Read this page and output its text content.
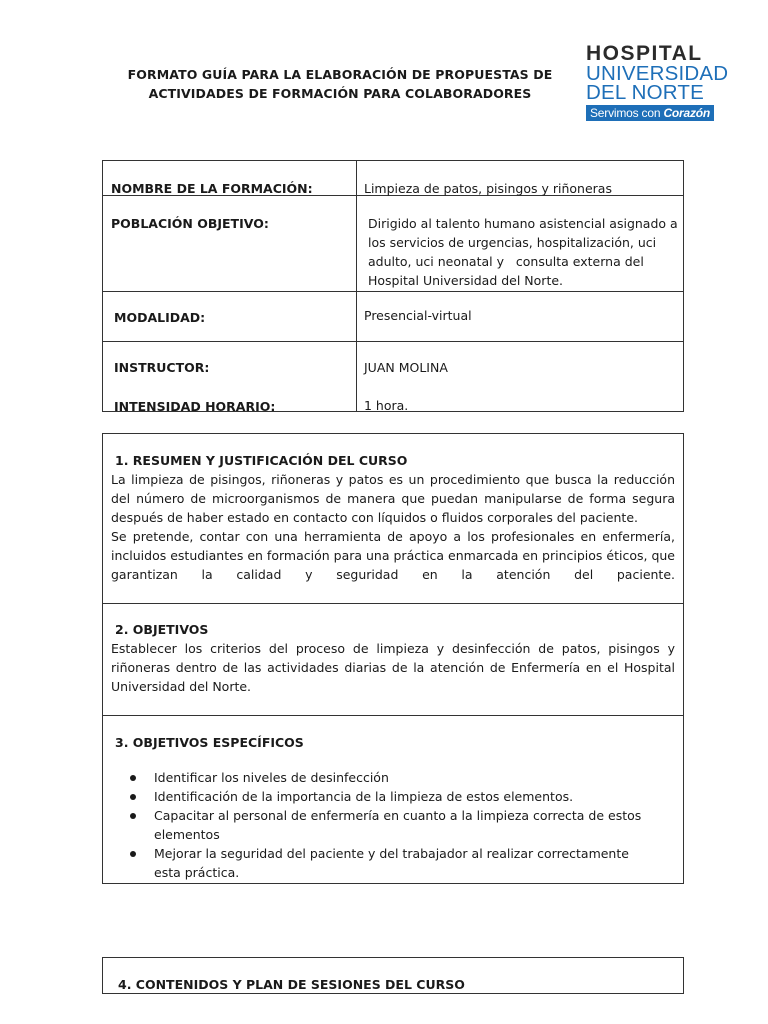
FORMATO GUÍA PARA LA ELABORACIÓN DE PROPUESTAS DE
ACTIVIDADES DE FORMACIÓN PARA COLABORADORES
HOSPITAL
UNIVERSIDAD
DEL NORTE
Servimos con Corazón
NOMBRE DE LA FORMACIÓN:	Limpieza de patos, pisingos y riñoneras
POBLACIÓN OBJETIVO:	Dirigido al talento humano asistencial asignado a
los servicios de urgencias, hospitalización, uci
adulto, uci neonatal y   consulta externa del
Hospital Universidad del Norte.
MODALIDAD:	Presencial-virtual
INSTRUCTOR:	JUAN MOLINA
INTENSIDAD HORARIO:	1 hora.
1. RESUMEN Y JUSTIFICACIÓN DEL CURSO

La limpieza de pisingos, riñoneras y patos es un procedimiento que busca la reducción del número de microorganismos de manera que puedan manipularse de forma segura después de haber estado en contacto con líquidos o fluidos corporales del paciente.

Se pretende, contar con una herramienta de apoyo a los profesionales en enfermería, incluidos estudiantes en formación para una práctica enmarcada en principios éticos, que garantizan la calidad y seguridad en la atención del paciente.

2. OBJETIVOS

Establecer los criterios del proceso de limpieza y desinfección de patos, pisingos y riñoneras dentro de las actividades diarias de la atención de Enfermería en el Hospital Universidad del Norte.

3. OBJETIVOS ESPECÍFICOS
Identificar los niveles de desinfección
Identificación de la importancia de la limpieza de estos elementos.
Capacitar al personal de enfermería en cuanto a la limpieza correcta de estos elementos
Mejorar la seguridad del paciente y del trabajador al realizar correctamente esta práctica.
4. CONTENIDOS Y PLAN DE SESIONES DEL CURSO
